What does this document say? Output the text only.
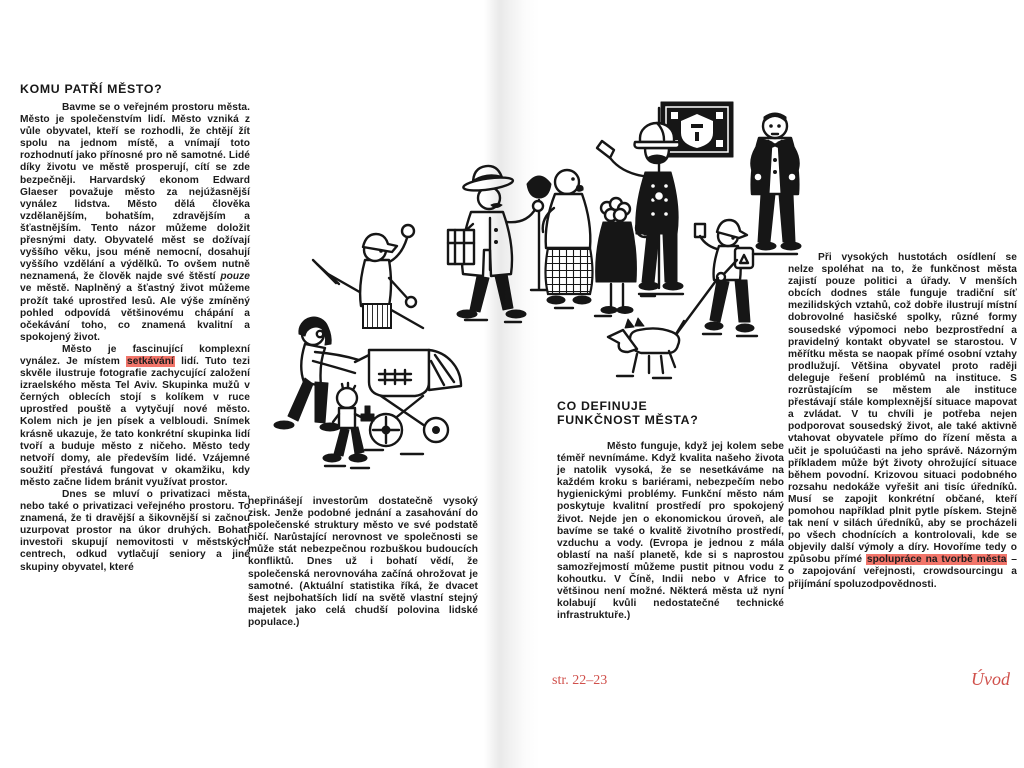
KOMU PATŘÍ MĚSTO?

Bavme se o veřejném prostoru města. Město je společenstvím lidí. Město vzniká z vůle obyvatel, kteří se rozhodli, že chtějí žít spolu na jednom místě, a vnímají toto rozhodnutí jako přínosné pro ně samotné. Lidé díky životu ve městě prosperují, cítí se zde bezpečněji. Harvardský ekonom Edward Glaeser považuje město za nejúžasnější vynález lidstva. Město dělá člověka vzdělanějším, bohatším, zdravějším a šťastnějším. Tento názor můžeme doložit přesnými daty. Obyvatelé měst se dožívají vyššího věku, jsou méně nemocní, dosahují vyššího vzdělání a výdělků. To ovšem nutně neznamená, že člověk najde své štěstí pouze ve městě. Naplněný a šťastný život můžeme prožít také uprostřed lesů. Ale výše zmíněný pohled odpovídá většinovému chápání a očekávání toho, co znamená kvalitní a spokojený život.

Město je fascinující komplexní vynález. Je místem setkávání lidí. Tuto tezi skvěle ilustruje fotografie zachycující založení izraelského města Tel Aviv. Skupinka mužů v černých oblecích stojí s kolíkem v ruce uprostřed pouště a vytyčují nové město. Kolem nich je jen písek a velbloudi. Snímek krásně ukazuje, že tato konkrétní skupinka lidí tvoří a buduje město z ničeho. Město tedy netvoří domy, ale především lidé. Vzájemné soužití přestává fungovat v okamžiku, kdy město začne lidem bránit využívat prostor.

Dnes se mluví o privatizaci města, nebo také o privatizaci veřejného prostoru. To znamená, že ti dravější a šikovnější si začnou uzurpovat prostor na úkor druhých. Bohatí investoři skupují nemovitosti v městských centrech, odkud vytlačují seniory a jiné skupiny obyvatel, které

nepřinášejí investorům dostatečně vysoký zisk. Jenže podobné jednání a zasahování do společenské struktury město ve své podstatě ničí. Narůstající nerovnost ve společnosti se může stát nebezpečnou rozbuškou budoucích konfliktů. Dnes už i bohatí vědí, že společenská nerovnováha začíná ohrožovat je samotné. (Aktuální statistika říká, že dvacet šest nejbohatších lidí na světě vlastní stejný majetek jako celá chudší polovina lidské populace.)

CO DEFINUJE
FUNKČNOST MĚSTA?

Město funguje, když jej kolem sebe téměř nevnímáme. Když kvalita našeho života je natolik vysoká, že se nesetkáváme na každém kroku s bariérami, nebezpečím nebo hygienickými problémy. Funkční město nám poskytuje kvalitní prostředí pro spokojený život. Nejde jen o ekonomickou úroveň, ale bavíme se také o kvalitě životního prostředí, vzduchu a vody. (Evropa je jednou z mála oblastí na naší planetě, kde si s naprostou samozřejmostí můžeme pustit pitnou vodu z kohoutku. V Číně, Indii nebo v Africe to většinou není možné. Některá města už nyní kolabují kvůli nedostatečné technické infrastruktuře.)

Při vysokých hustotách osídlení se nelze spoléhat na to, že funkčnost města zajistí pouze politici a úřady. V menších obcích dodnes stále funguje tradiční síť mezilidských vztahů, což dobře ilustrují místní dobrovolné hasičské spolky, různé formy sousedské výpomoci nebo bezprostřední a pravidelný kontakt obyvatel se starostou. V měřítku města se naopak přímé osobní vztahy prodlužují. Většina obyvatel proto raději deleguje řešení problémů na instituce. S rozrůstajícím se městem ale instituce přestávají stále komplexnější situace mapovat a zvládat. V tu chvíli je potřeba nejen podporovat sousedský život, ale také aktivně vtahovat obyvatele přímo do řízení města a učit je spoluúčasti na jeho správě. Názorným příkladem může být životy ohrožující situace během povodní. Krizovou situaci podobného rozsahu nedokáže vyřešit ani tisíc úředníků. Musí se zapojit konkrétní občané, kteří pomohou například plnit pytle pískem. Stejně tak není v silách úředníků, aby se procházeli po všech chodnících a kontrolovali, kde se objevily další výmoly a díry. Hovoříme tedy o způsobu přímé spolupráce na tvorbě města – o zapojování veřejnosti, crowdsourcingu a přijímání spoluzodpovědnosti.

str. 22–23	Úvod
